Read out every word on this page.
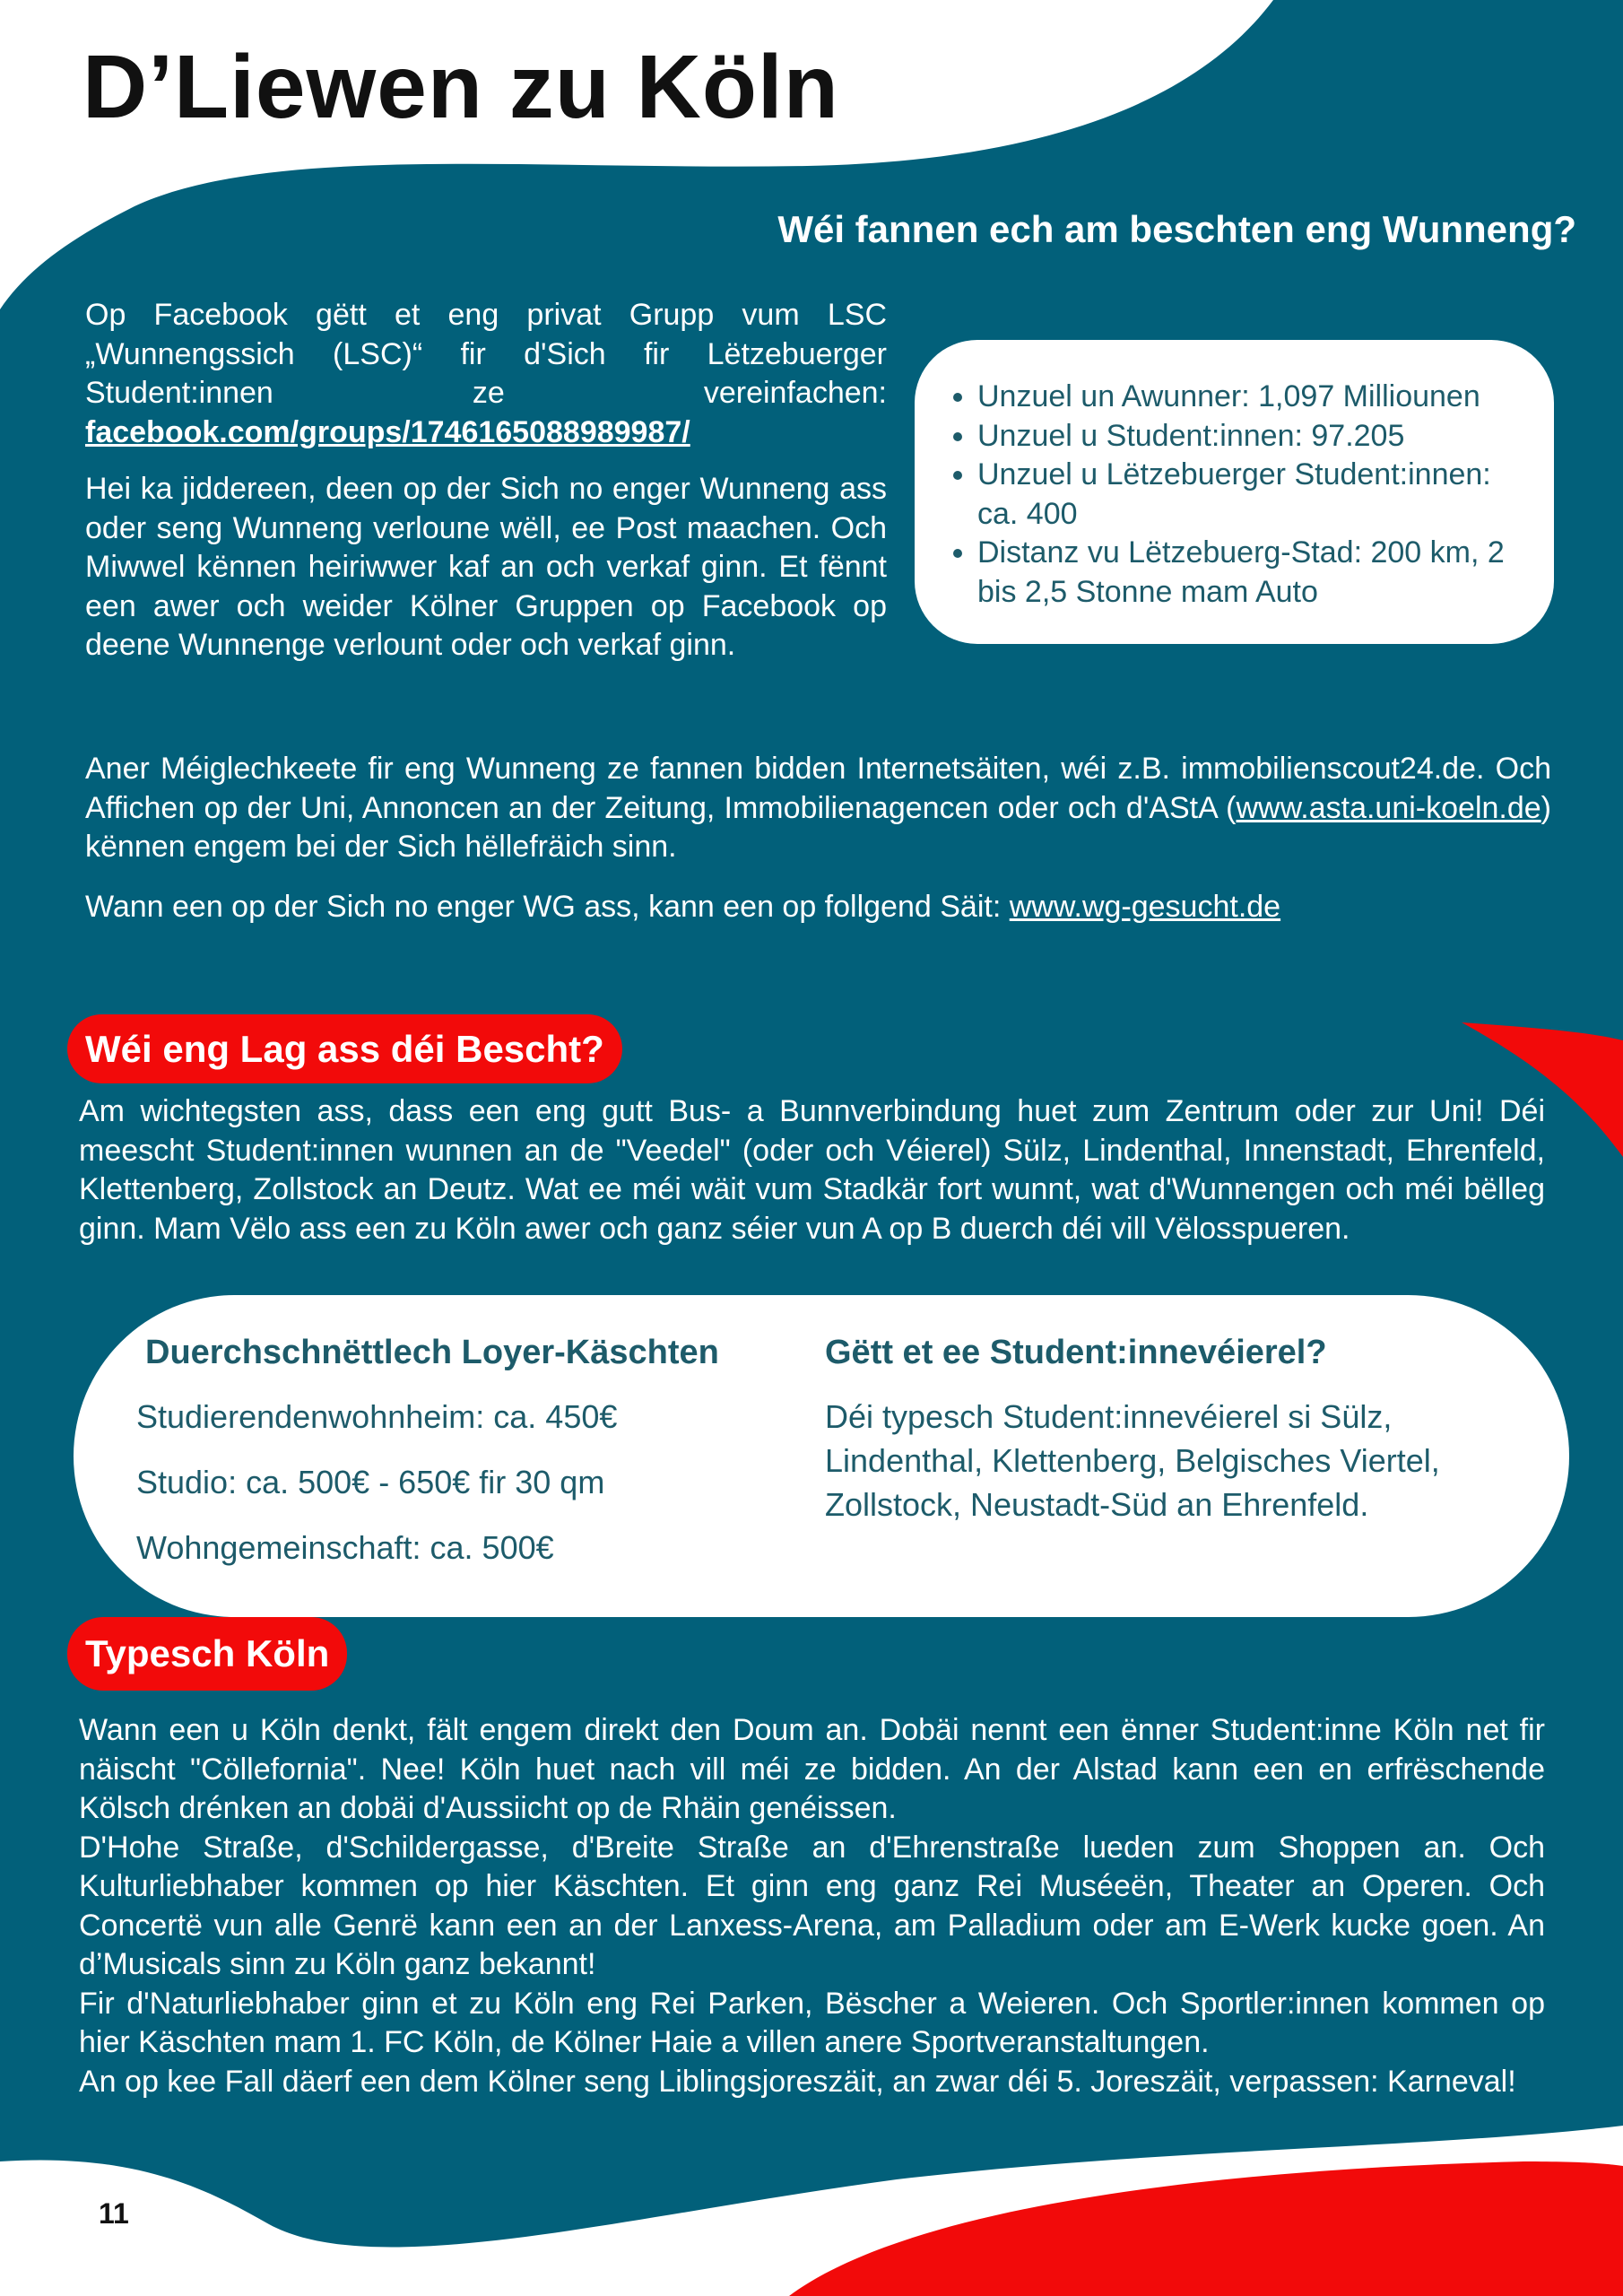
D’Liewen zu Köln
Wéi fannen ech am beschten eng Wunneng?

Op Facebook gëtt et eng privat Grupp vum LSC „Wunnengssich (LSC)“ fir d'Sich fir Lëtzebuerger Student:innen ze vereinfachen:

facebook.com/groups/1746165088989987/

Hei ka jiddereen, deen op der Sich no enger Wunneng ass oder seng Wunneng verloune wëll, ee Post maachen. Och Miwwel kënnen heiriwwer kaf an och verkaf ginn. Et fënnt een awer och weider Kölner Gruppen op Facebook op deene Wunnenge verlount oder och verkaf ginn.

• Unzuel un Awunner: 1,097 Milliounen
• Unzuel u Student:innen: 97.205
• Unzuel u Lëtzebuerger Student:innen: ca. 400
• Distanz vu Lëtzebuerg-Stad: 200 km, 2 bis 2,5 Stonne mam Auto
Aner Méiglechkeete fir eng Wunneng ze fannen bidden Internetsäiten, wéi z.B. immobilienscout24.de. Och Affichen op der Uni, Annoncen an der Zeitung, Immobilienagencen oder och d'AStA (www.asta.uni-koeln.de) kënnen engem bei der Sich hëllefräich sinn.
Wann een op der Sich no enger WG ass, kann een op follgend Säit: www.wg-gesucht.de
Wéi eng Lag ass déi Bescht?
Am wichtegsten ass, dass een eng gutt Bus- a Bunnverbindung huet zum Zentrum oder zur Uni! Déi meescht Student:innen wunnen an de "Veedel" (oder och Véierel) Sülz, Lindenthal, Innenstadt, Ehrenfeld, Klettenberg, Zollstock an Deutz. Wat ee méi wäit vum Stadkär fort wunnt, wat d'Wunnengen och méi bëlleg ginn. Mam Vëlo ass een zu Köln awer och ganz séier vun A op B duerch déi vill Vëlosspueren.
Duerchschnëttlech Loyer-Käschten

Studierendenwohnheim: ca. 450€

Studio: ca. 500€ - 650€ fir 30 qm

Wohngemeinschaft: ca. 500€

Gëtt et ee Student:innevéierel?

Déi typesch Student:innevéierel si Sülz, Lindenthal, Klettenberg, Belgisches Viertel, Zollstock, Neustadt-Süd an Ehrenfeld.

Typesch Köln

Wann een u Köln denkt, fält engem direkt den Doum an. Dobäi nennt een ënner Student:inne Köln net fir näischt "Cöllefornia". Nee! Köln huet nach vill méi ze bidden. An der Alstad kann een en erfrëschende Kölsch drénken an dobäi d'Aussiicht op de Rhäin genéissen.

D'Hohe Straße, d'Schildergasse, d'Breite Straße an d'Ehrenstraße lueden zum Shoppen an. Och Kulturliebhaber kommen op hier Käschten. Et ginn eng ganz Rei Muséeën, Theater an Operen. Och Concertë vun alle Genrë kann een an der Lanxess-Arena, am Palladium oder am E-Werk kucke goen. An d’Musicals sinn zu Köln ganz bekannt!

Fir d'Naturliebhaber ginn et zu Köln eng Rei Parken, Bëscher a Weieren. Och Sportler:innen kommen op hier Käschten mam 1. FC Köln, de Kölner Haie a villen anere Sportveranstaltungen.

An op kee Fall däerf een dem Kölner seng Liblingsjoreszäit, an zwar déi 5. Joreszäit, verpassen: Karneval!

11
